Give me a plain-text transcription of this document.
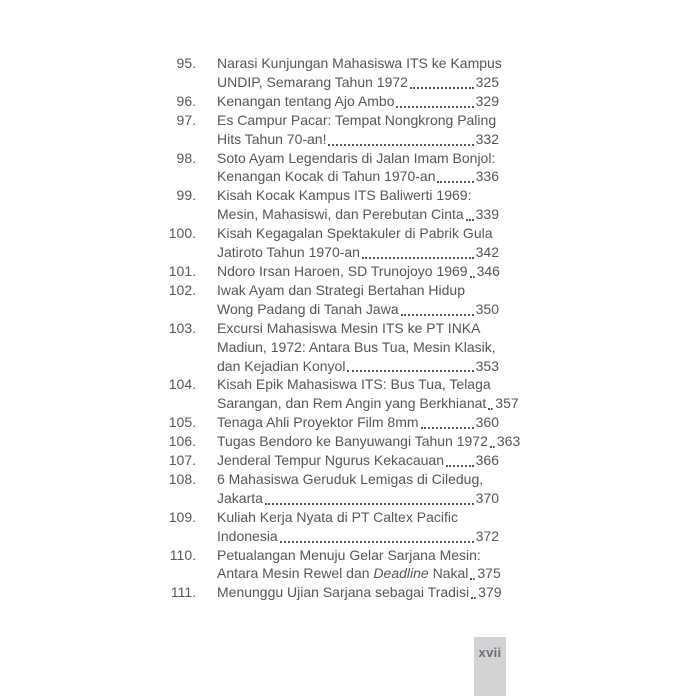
95. Narasi Kunjungan Mahasiswa ITS ke Kampus
UNDIP, Semarang Tahun 1972	325
96. Kenangan tentang Ajo Ambo	329
97. Es Campur Pacar: Tempat Nongkrong Paling
Hits Tahun 70-an!	332
98. Soto Ayam Legendaris di Jalan Imam Bonjol:
Kenangan Kocak di Tahun 1970-an	336
99. Kisah Kocak Kampus ITS Baliwerti 1969:
Mesin, Mahasiswi, dan Perebutan Cinta 339
100. Kisah Kegagalan Spektakuler di Pabrik Gula
Jatiroto Tahun 1970-an	342
101. Ndoro Irsan Haroen, SD Trunojoyo 1969 346
102. Iwak Ayam dan Strategi Bertahan Hidup
Wong Padang di Tanah Jawa	350
103. Excursi Mahasiswa Mesin ITS ke PT INKA
Madiun, 1972: Antara Bus Tua, Mesin Klasik,
dan Kejadian Konyol	353
104. Kisah Epik Mahasiswa ITS: Bus Tua, Telaga
Sarangan, dan Rem Angin yang Berkhianat 357
105. Tenaga Ahli Proyektor Film 8mm	360
106. Tugas Bendoro ke Banyuwangi Tahun 1972 363
107. Jenderal Tempur Ngurus Kekacauan 366
108. 6 Mahasiswa Geruduk Lemigas di Ciledug,
Jakarta	370
109. Kuliah Kerja Nyata di PT Caltex Pacific
Indonesia	372
110. Petualangan Menuju Gelar Sarjana Mesin:
Antara Mesin Rewel dan Deadline Nakal 375
111. Menunggu Ujian Sarjana sebagai Tradisi 379
xvii
